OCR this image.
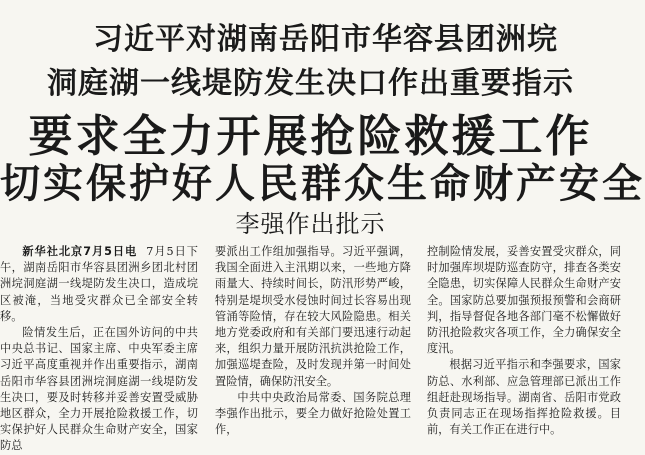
习近平对湖南岳阳市华容县团洲垸
洞庭湖一线堤防发生决口作出重要指示
要求全力开展抢险救援工作
切实保护好人民群众生命财产安全
李强作出批示

新华社北京7月5日电 7月5日下午，湖南岳阳市华容县团洲乡团北村团洲垸洞庭湖一线堤防发生决口，造成垸区被淹，当地受灾群众已全部安全转移。

险情发生后，正在国外访问的中共中央总书记、国家主席、中央军委主席习近平高度重视并作出重要指示，湖南岳阳市华容县团洲垸洞庭湖一线堤防发生决口，要及时转移并妥善安置受威胁地区群众，全力开展抢险救援工作，切实保护好人民群众生命财产安全，国家防总

要派出工作组加强指导。习近平强调，我国全面进入主汛期以来，一些地方降雨量大、持续时间长，防汛形势严峻，特别是堤坝受水侵蚀时间过长容易出现管涌等险情，存在较大风险隐患。相关地方党委政府和有关部门要迅速行动起来，组织力量开展防汛抗洪抢险工作，加强巡堤查险，及时发现并第一时间处置险情，确保防汛安全。

中共中央政治局常委、国务院总理李强作出批示，要全力做好抢险处置工作，

控制险情发展，妥善安置受灾群众，同时加强库坝堤防巡查防守，排查各类安全隐患，切实保障人民群众生命财产安全。国家防总要加强预报预警和会商研判，指导督促各地各部门毫不松懈做好防汛抢险救灾各项工作，全力确保安全度汛。

根据习近平指示和李强要求，国家防总、水利部、应急管理部已派出工作组赶赴现场指导。湖南省、岳阳市党政负责同志正在现场指挥抢险救援。目前，有关工作正在进行中。
